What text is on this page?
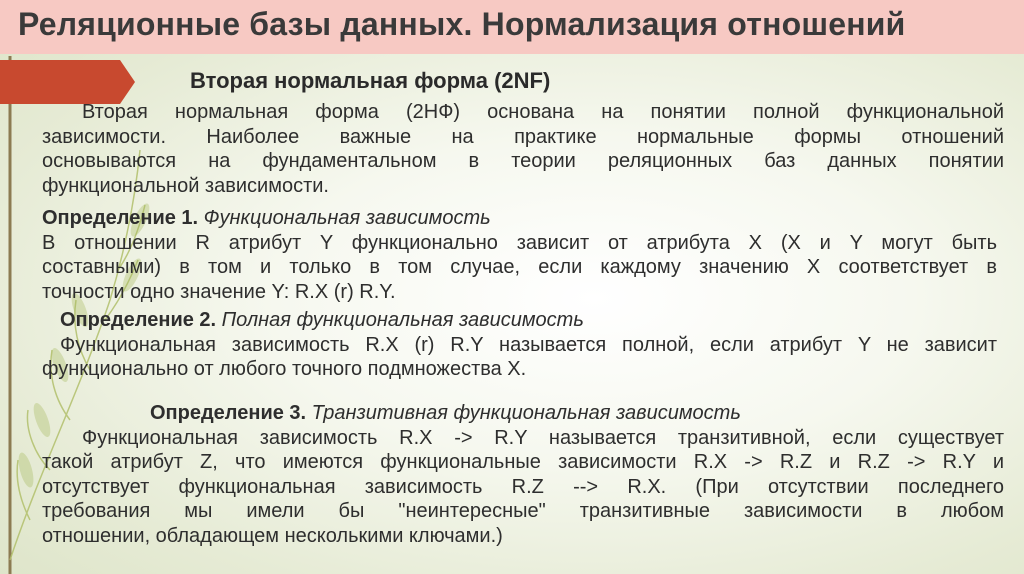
Реляционные базы данных. Нормализация отношений
Вторая нормальная форма (2NF)
Вторая нормальная форма (2НФ) основана на понятии полной функциональной
зависимости. Наиболее важные на практике нормальные формы отношений
основываются на фундаментальном в теории реляционных баз данных понятии
функциональной зависимости.
Определение 1. Функциональная зависимость
В отношении R атрибут Y функционально зависит от атрибута X (X и Y могут быть
составными) в том и только в том случае, если каждому значению X соответствует в
точности одно значение Y: R.X (r) R.Y.
Определение 2. Полная функциональная зависимость
Функциональная зависимость R.X (r) R.Y называется полной, если атрибут Y не зависит
функционально от любого точного подмножества X.
Определение 3. Транзитивная функциональная зависимость
Функциональная зависимость R.X -> R.Y называется транзитивной, если существует
такой атрибут Z, что имеются функциональные зависимости R.X -> R.Z и R.Z -> R.Y и
отсутствует функциональная зависимость R.Z --> R.X. (При отсутствии последнего
требования мы имели бы "неинтересные" транзитивные зависимости в любом
отношении, обладающем несколькими ключами.)
